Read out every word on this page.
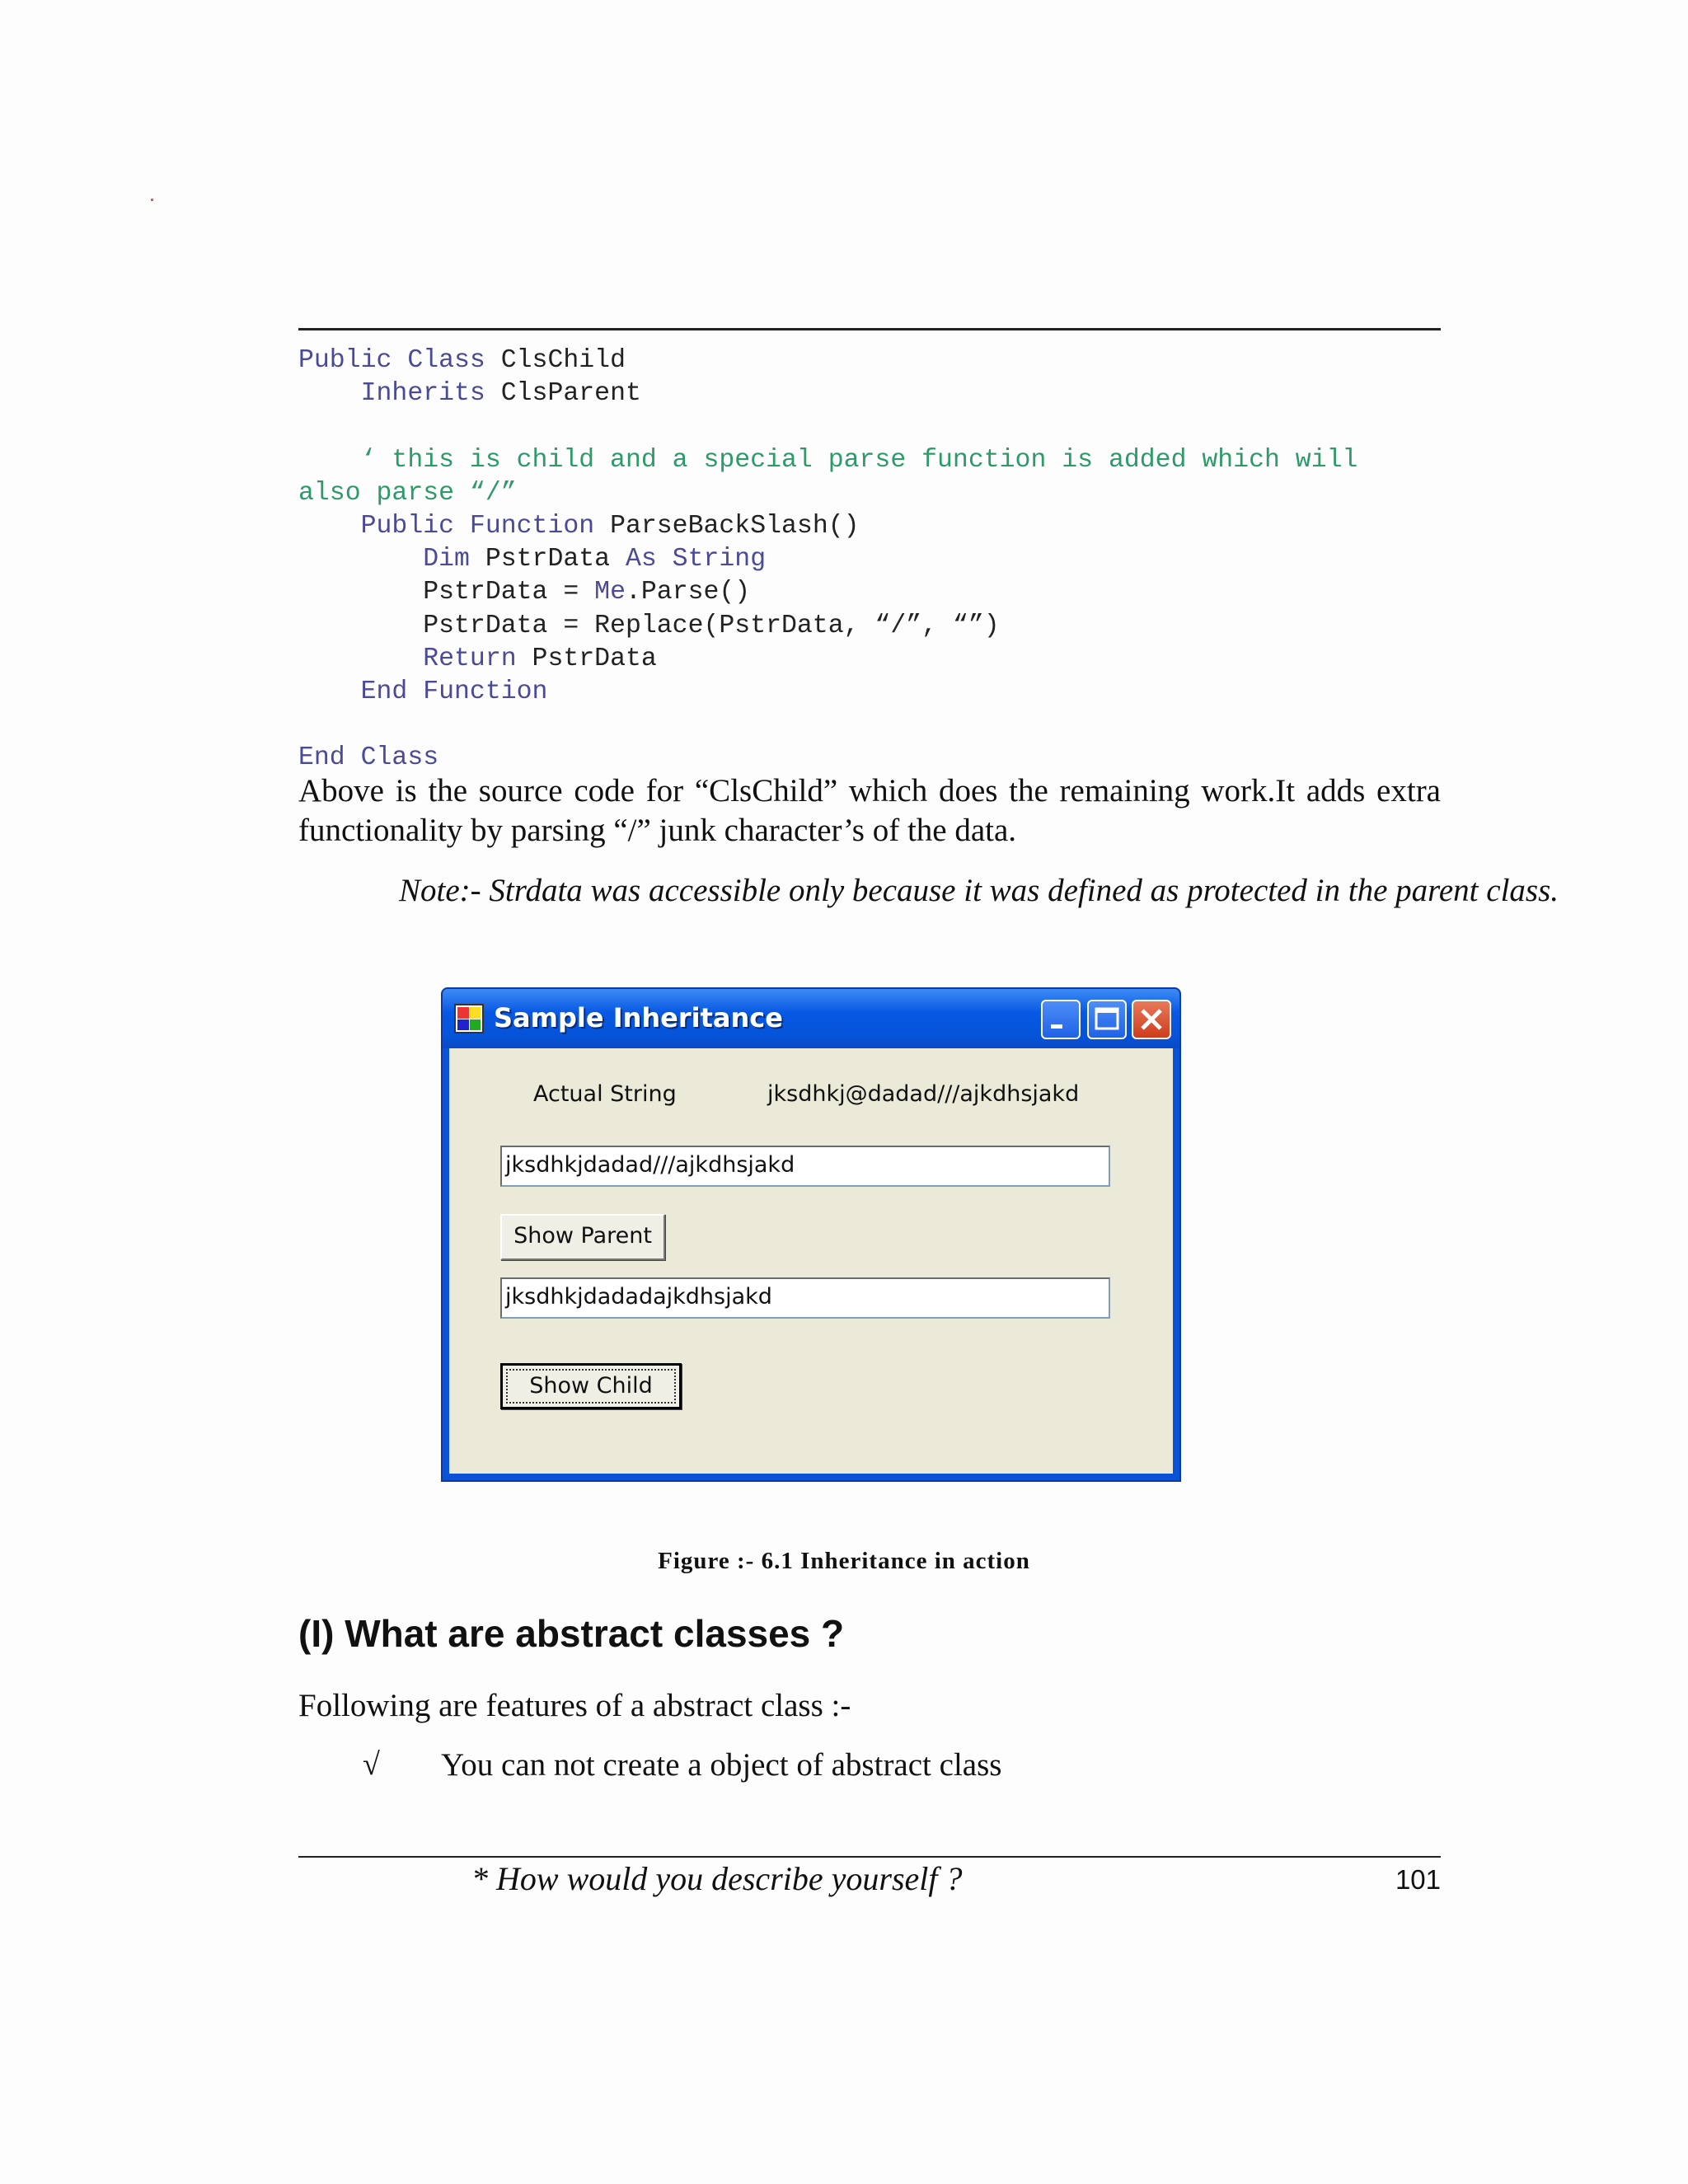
Public Class ClsChild
Inherits ClsParent

‘ this is child and a special parse function is added which will
also parse “/”
Public Function ParseBackSlash()
Dim PstrData As String
PstrData = Me.Parse()
PstrData = Replace(PstrData, “/”, “”)
Return PstrData
End Function

End Class

Above is the source code for “ClsChild” which does the remaining work.It adds extra functionality by parsing “/” junk character’s of the data.

Note:- Strdata was accessible only because it was defined as protected in the parent class.

Sample Inheritance
Actual String	jksdhkj@dadad///ajkdhsjakd
jksdhkjdadad///ajkdhsjakd
Show Parent
jksdhkjdadadajkdhsjakd
Show Child

Figure :- 6.1 Inheritance in action

(I) What are abstract classes ?

Following are features of a abstract class :-

√ You can not create a object of abstract class

* How would you describe yourself ?	101
